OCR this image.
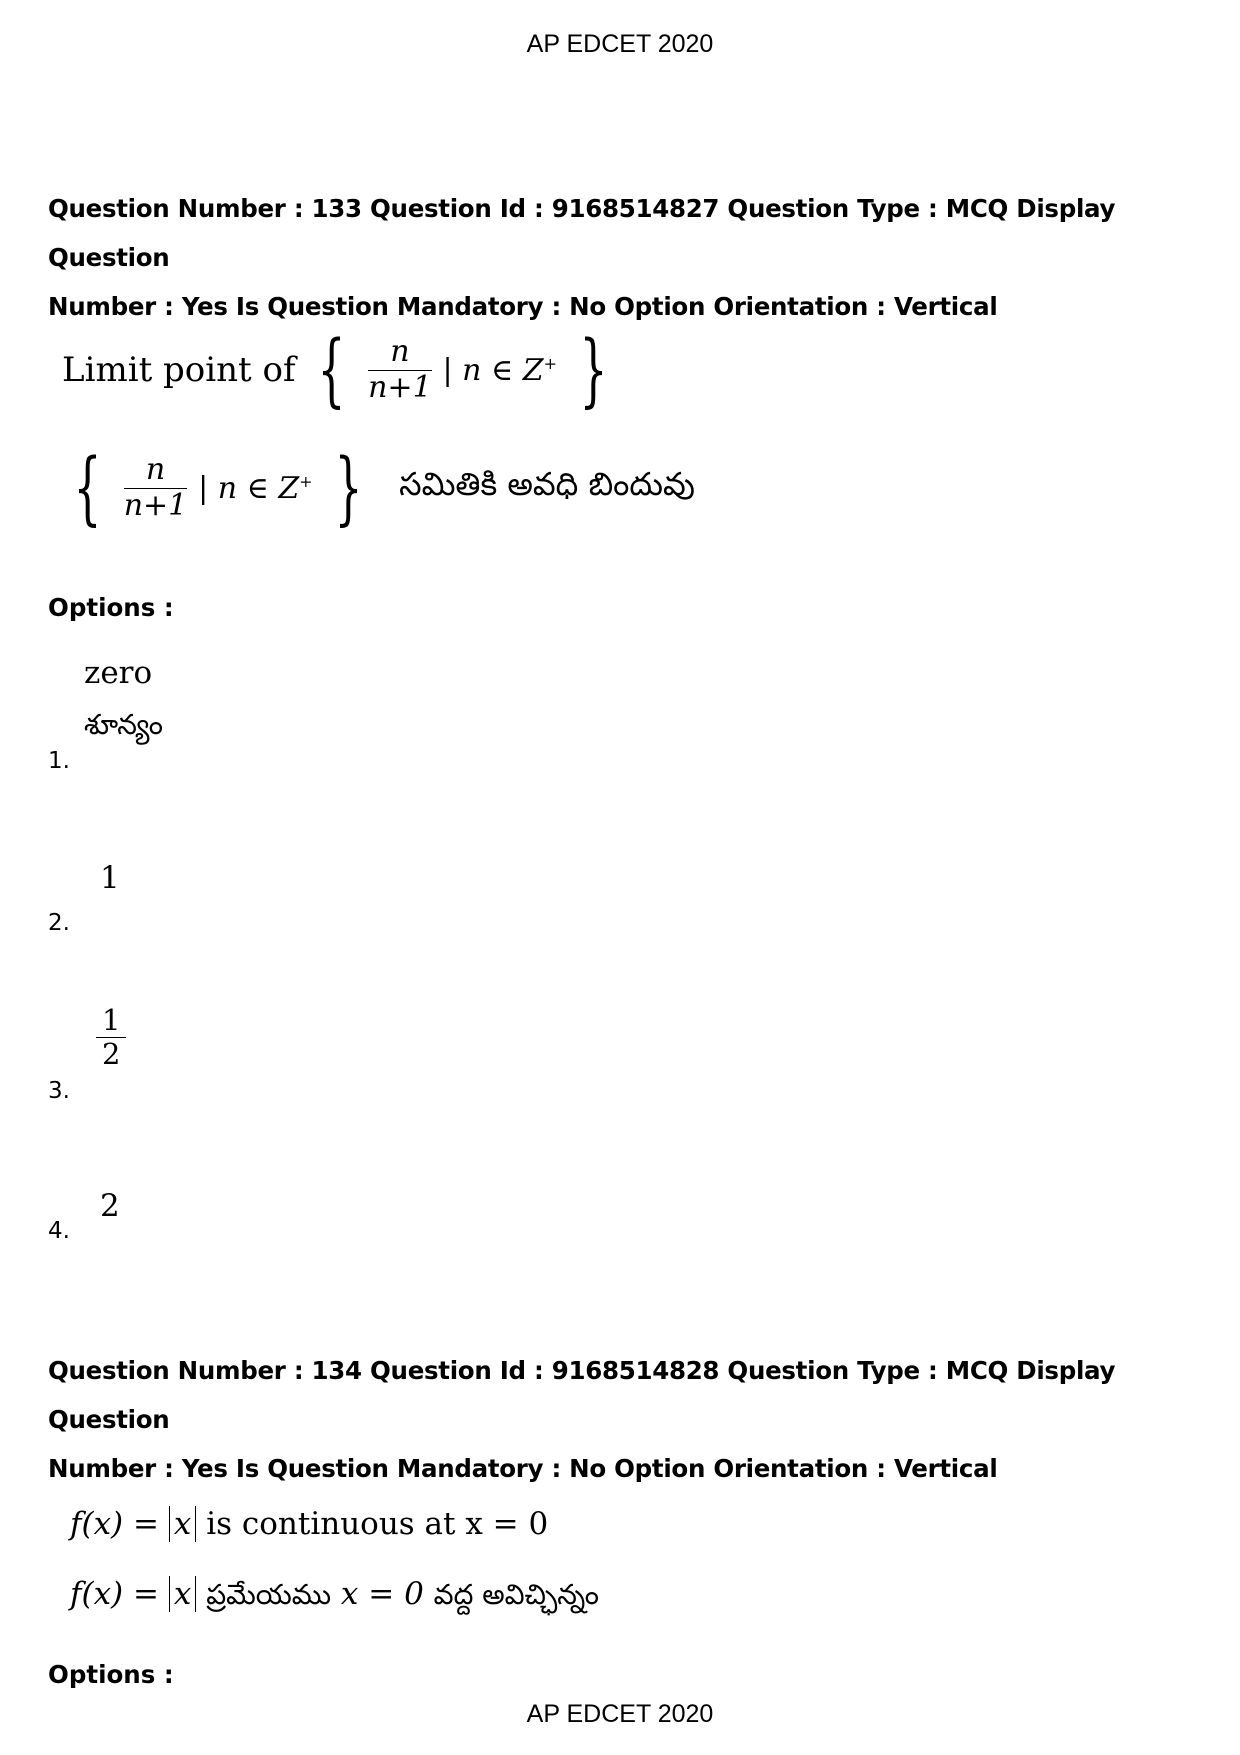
AP EDCET 2020
Question Number : 133 Question Id : 9168514827 Question Type : MCQ Display Question
Number : Yes Is Question Mandatory : No Option Orientation : Vertical
Limit point of { $\frac{n}{n+1}$ | n ∈ Z+ }
{ $\frac{n}{n+1}$ | n ∈ Z+ } సమితికి అవధి బిందువు
Options :
zero
శూన్యం
1.
1
2.
$\frac{1}{2}$
3.
2
4.
Question Number : 134 Question Id : 9168514828 Question Type : MCQ Display Question
Number : Yes Is Question Mandatory : No Option Orientation : Vertical
f(x) = x is continuous at x = 0
f(x) = x ప్రమేయము x = 0 వద్ద అవిచ్ఛిన్నం
Options :
AP EDCET 2020
